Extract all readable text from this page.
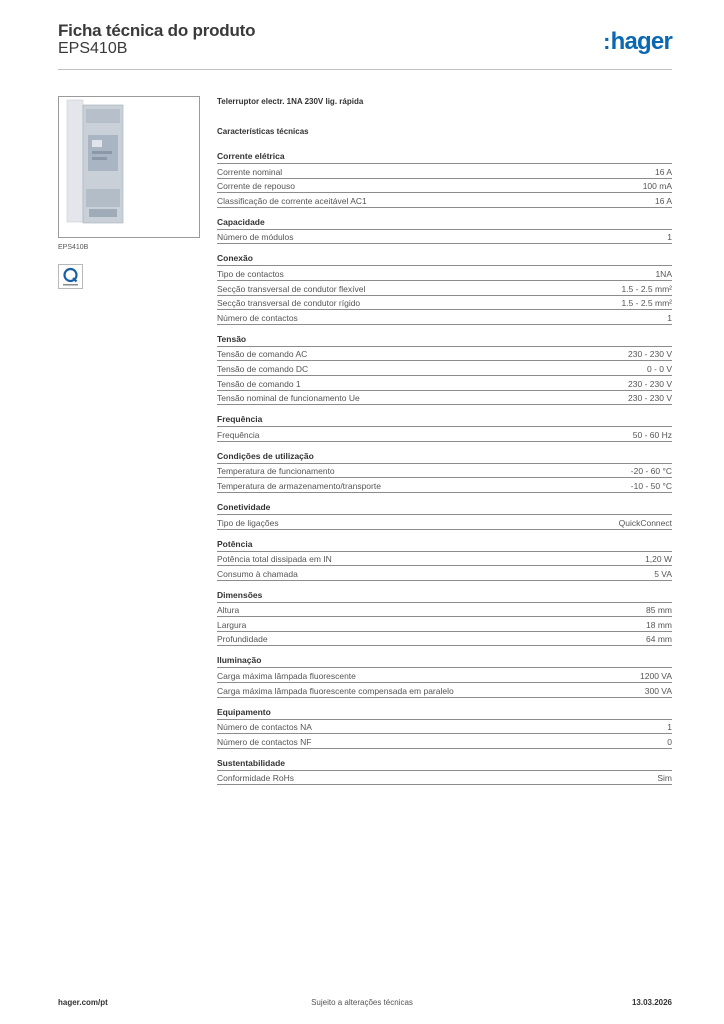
Ficha técnica do produto
EPS410B	:hager
EPS410B
Telerruptor electr. 1NA 230V lig. rápida
Características técnicas
Corrente elétrica
Corrente nominal	16 A
Corrente de repouso	100 mA
Classificação de corrente aceitável AC1	16 A
Capacidade
Número de módulos	1
Conexão
Tipo de contactos	1NA
Secção transversal de condutor flexível	1.5 - 2.5 mm²
Secção transversal de condutor rígido	1.5 - 2.5 mm²
Número de contactos	1
Tensão
Tensão de comando AC	230 - 230 V
Tensão de comando DC	0 - 0 V
Tensão de comando 1	230 - 230 V
Tensão nominal de funcionamento Ue	230 - 230 V
Frequência
Frequência	50 - 60 Hz
Condições de utilização
Temperatura de funcionamento	-20 - 60 °C
Temperatura de armazenamento/transporte	-10 - 50 °C
Conetividade
Tipo de ligações	QuickConnect
Potência
Potência total dissipada em IN	1,20 W
Consumo à chamada	5 VA
Dimensões
Altura	85 mm
Largura	18 mm
Profundidade	64 mm
Iluminação
Carga máxima lâmpada fluorescente	1200 VA
Carga máxima lâmpada fluorescente compensada em paralelo	300 VA
Equipamento
Número de contactos NA	1
Número de contactos NF	0
Sustentabilidade
Conformidade RoHs	Sim
hager.com/pt	Sujeito a alterações técnicas	13.03.2026
